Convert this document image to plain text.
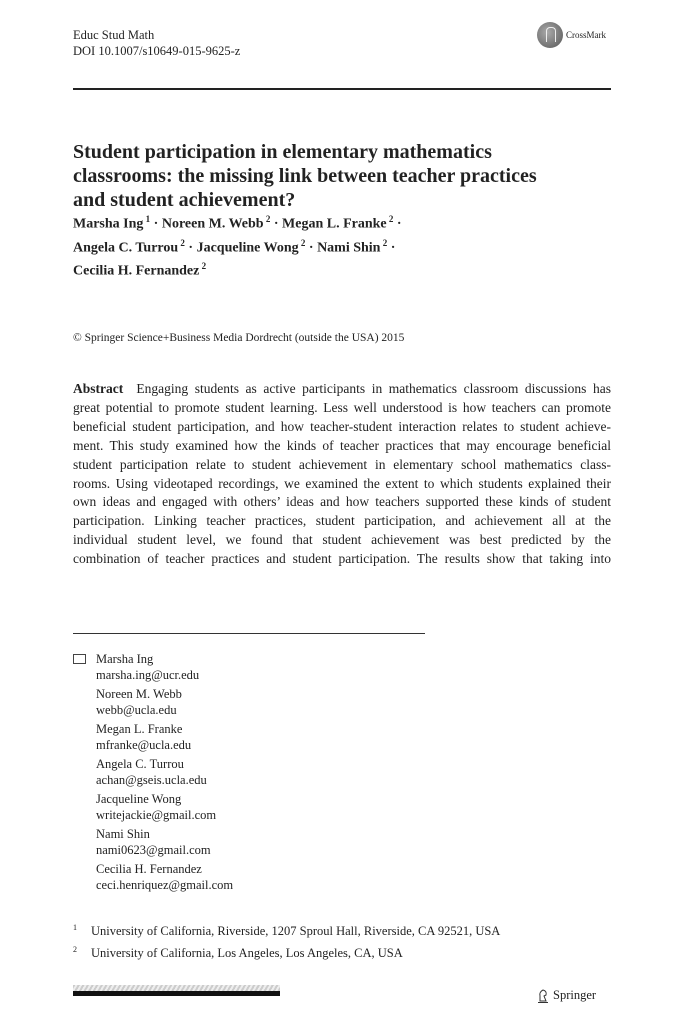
Educ Stud Math
DOI 10.1007/s10649-015-9625-z
CrossMark
Student participation in elementary mathematics
classrooms: the missing link between teacher practices
and student achievement?
Marsha Ing $^1$ · Noreen M. Webb $^2$ · Megan L. Franke $^2$ ·
Angela C. Turrou $^2$ · Jacqueline Wong $^2$ · Nami Shin $^2$ ·
Cecilia H. Fernandez $^2$
© Springer Science+Business Media Dordrecht (outside the USA) 2015
Abstract Engaging students as active participants in mathematics classroom discussions has
great potential to promote student learning. Less well understood is how teachers can promote
beneficial student participation, and how teacher-student interaction relates to student achieve-
ment. This study examined how the kinds of teacher practices that may encourage beneficial
student participation relate to student achievement in elementary school mathematics class-
rooms. Using videotaped recordings, we examined the extent to which students explained their
own ideas and engaged with others’ ideas and how teachers supported these kinds of student
participation. Linking teacher practices, student participation, and achievement all at the
individual student level, we found that student achievement was best predicted by the
combination of teacher practices and student participation. The results show that taking into
Marsha Ing
marsha.ing@ucr.edu
Noreen M. Webb
webb@ucla.edu
Megan L. Franke
mfranke@ucla.edu
Angela C. Turrou
achan@gseis.ucla.edu
Jacqueline Wong
writejackie@gmail.com
Nami Shin
nami0623@gmail.com
Cecilia H. Fernandez
ceci.henriquez@gmail.com
$^1$ University of California, Riverside, 1207 Sproul Hall, Riverside, CA 92521, USA
$^2$ University of California, Los Angeles, Los Angeles, CA, USA
Springer
